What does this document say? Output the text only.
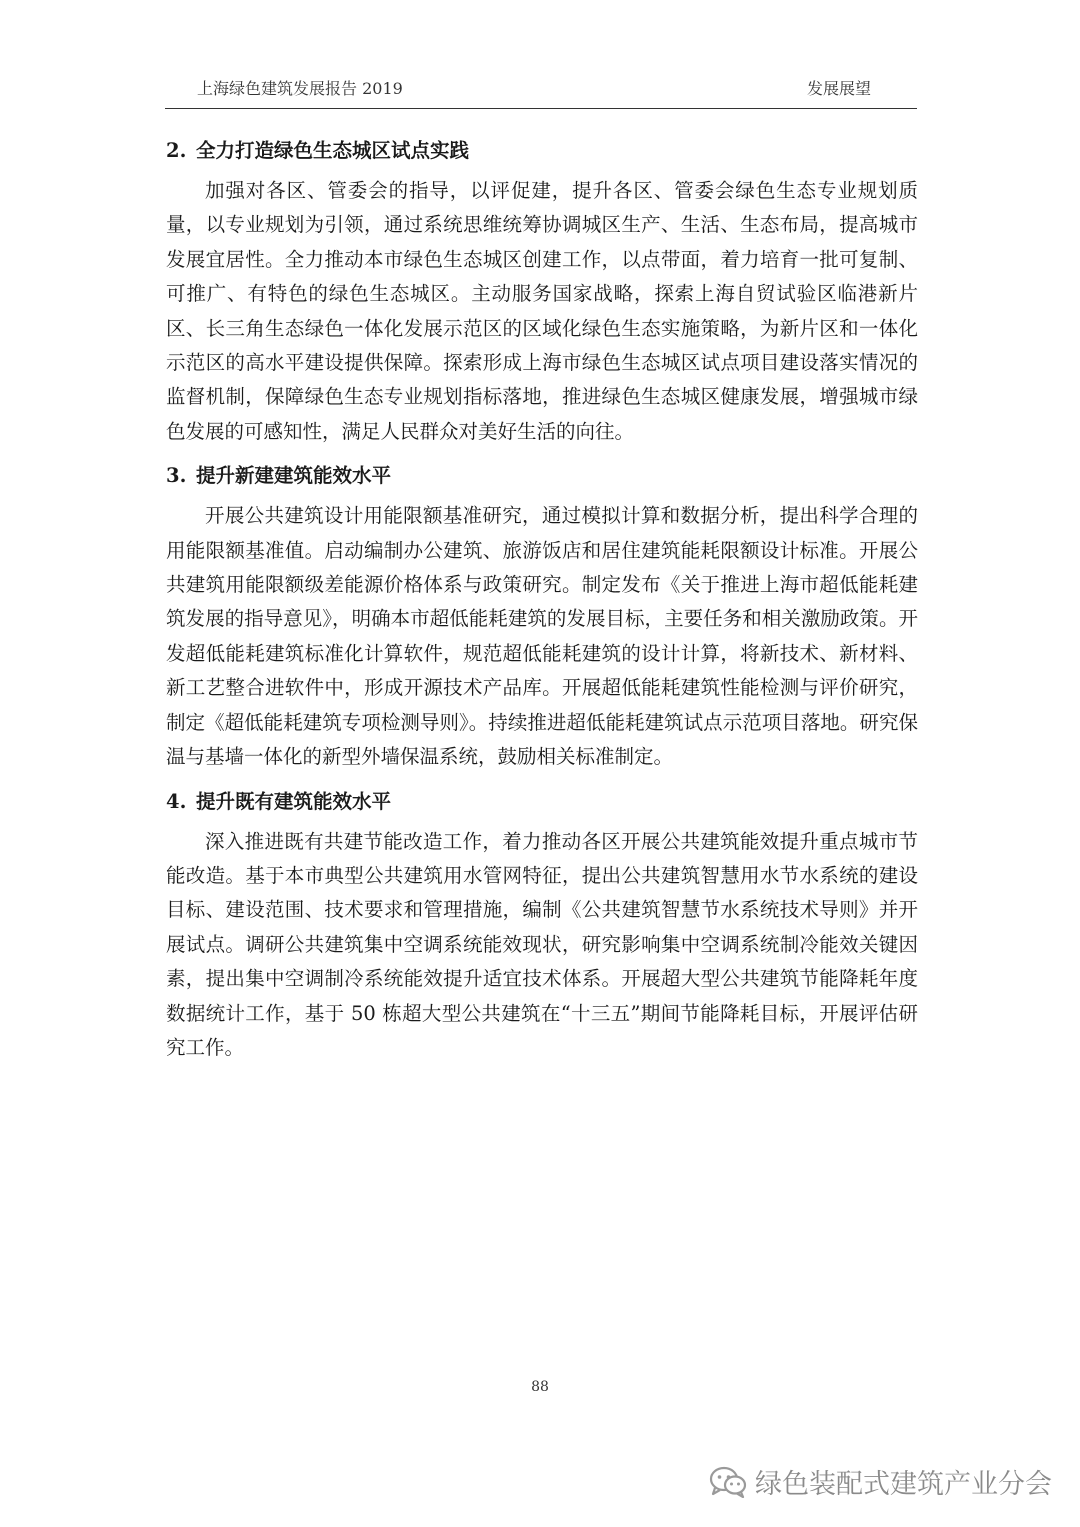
上海绿色建筑发展报告 2019	发展展望
2. 全力打造绿色生态城区试点实践

加强对各区、管委会的指导，以评促建，提升各区、管委会绿色生态专业规划质量，以专业规划为引领，通过系统思维统筹协调城区生产、生活、生态布局，提高城市发展宜居性。全力推动本市绿色生态城区创建工作，以点带面，着力培育一批可复制、可推广、有特色的绿色生态城区。主动服务国家战略，探索上海自贸试验区临港新片区、长三角生态绿色一体化发展示范区的区域化绿色生态实施策略，为新片区和一体化示范区的高水平建设提供保障。探索形成上海市绿色生态城区试点项目建设落实情况的监督机制，保障绿色生态专业规划指标落地，推进绿色生态城区健康发展，增强城市绿色发展的可感知性，满足人民群众对美好生活的向往。

3. 提升新建建筑能效水平

开展公共建筑设计用能限额基准研究，通过模拟计算和数据分析，提出科学合理的用能限额基准值。启动编制办公建筑、旅游饭店和居住建筑能耗限额设计标准。开展公共建筑用能限额级差能源价格体系与政策研究。制定发布《关于推进上海市超低能耗建筑发展的指导意见》，明确本市超低能耗建筑的发展目标，主要任务和相关激励政策。开发超低能耗建筑标准化计算软件，规范超低能耗建筑的设计计算，将新技术、新材料、新工艺整合进软件中，形成开源技术产品库。开展超低能耗建筑性能检测与评价研究，制定《超低能耗建筑专项检测导则》。持续推进超低能耗建筑试点示范项目落地。研究保温与基墙一体化的新型外墙保温系统，鼓励相关标准制定。

4. 提升既有建筑能效水平

深入推进既有共建节能改造工作，着力推动各区开展公共建筑能效提升重点城市节能改造。基于本市典型公共建筑用水管网特征，提出公共建筑智慧用水节水系统的建设目标、建设范围、技术要求和管理措施，编制《公共建筑智慧节水系统技术导则》并开展试点。调研公共建筑集中空调系统能效现状，研究影响集中空调系统制冷能效关键因素，提出集中空调制冷系统能效提升适宜技术体系。开展超大型公共建筑节能降耗年度数据统计工作，基于 50 栋超大型公共建筑在“十三五”期间节能降耗目标，开展评估研究工作。

88
绿色装配式建筑产业分会
